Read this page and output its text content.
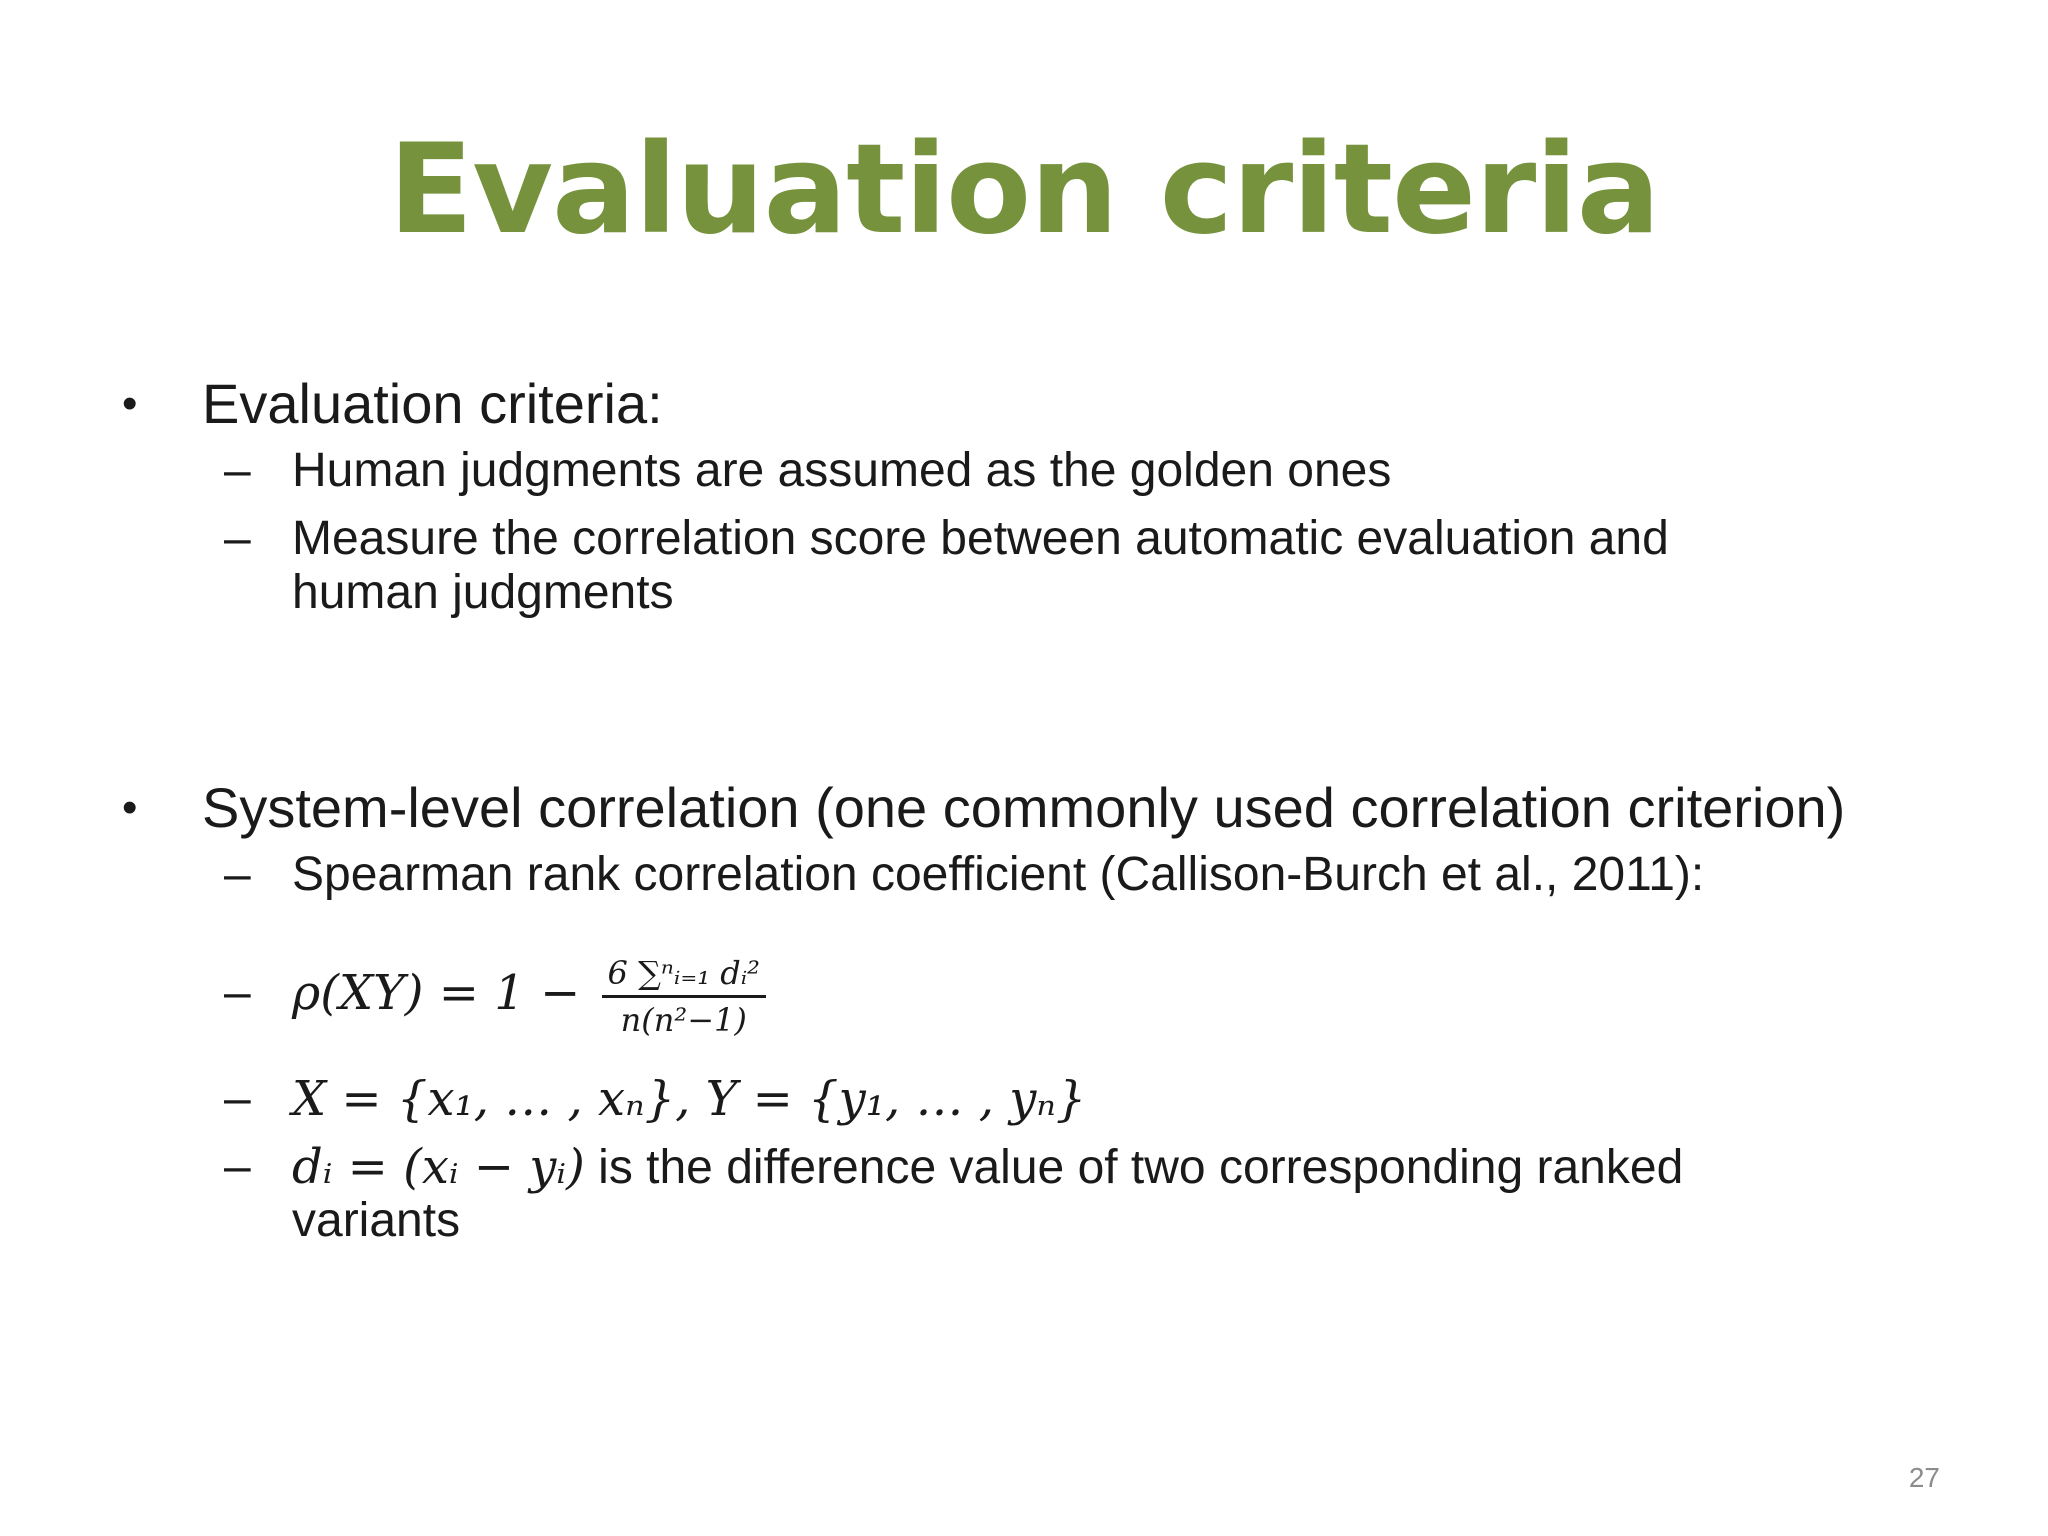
Evaluation criteria
• Evaluation criteria:
– Human judgments are assumed as the golden ones
– Measure the correlation score between automatic evaluation and
human judgments
• System-level correlation (one commonly used correlation criterion)
– Spearman rank correlation coefficient (Callison-Burch et al., 2011):
– $\rho(XY) = 1 - \frac{\text{6 ∑ⁿᵢ₌₁ dᵢ²}}{\text{n(n²−1)}}$
– X = {x₁, … , xₙ}, Y = {y₁, … , yₙ}
– dᵢ = (xᵢ − yᵢ) is the difference value of two corresponding ranked
variants
27
